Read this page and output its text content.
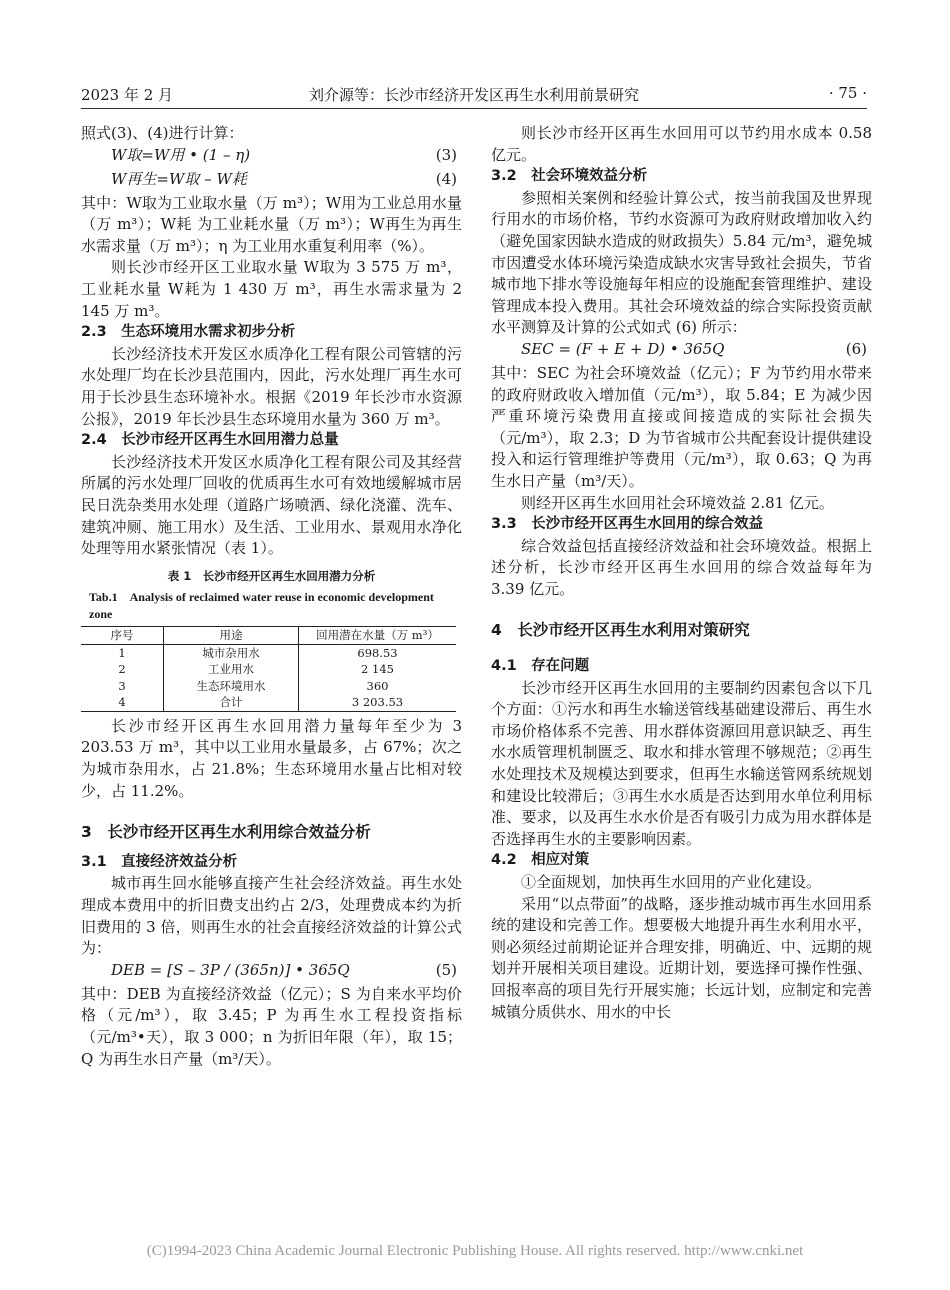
2023 年 2 月	刘介源等：长沙市经济开发区再生水利用前景研究	· 75 ·

照式(3)、(4)进行计算：

W取=W用 • (1 – η)	(3)
W再生=W取 – W耗	(4)

其中：W取为工业取水量（万 m³）；W用为工业总用水量（万 m³）；W耗 为工业耗水量（万 m³）；W再生为再生水需求量（万 m³）；η 为工业用水重复利用率（%）。

则长沙市经开区工业取水量 W取为 3 575 万 m³，工业耗水量 W耗为 1 430 万 m³，再生水需求量为 2 145 万 m³。

2.3　生态环境用水需求初步分析

长沙经济技术开发区水质净化工程有限公司管辖的污水处理厂均在长沙县范围内，因此，污水处理厂再生水可用于长沙县生态环境补水。根据《2019 年长沙市水资源公报》，2019 年长沙县生态环境用水量为 360 万 m³。

2.4　长沙市经开区再生水回用潜力总量

长沙经济技术开发区水质净化工程有限公司及其经营所属的污水处理厂回收的优质再生水可有效地缓解城市居民日洗杂类用水处理（道路广场喷洒、绿化浇灌、洗车、建筑冲厕、施工用水）及生活、工业用水、景观用水净化处理等用水紧张情况（表 1）。

表 1　长沙市经开区再生水回用潜力分析
Tab.1　Analysis of reclaimed water reuse in economic development zone
序号	用途	回用潜在水量（万 m³）
1	城市杂用水	698.53
2	工业用水	2 145
3	生态环境用水	360
4	合计	3 203.53

长沙市经开区再生水回用潜力量每年至少为 3 203.53 万 m³，其中以工业用水量最多，占 67%；次之为城市杂用水，占 21.8%；生态环境用水量占比相对较少，占 11.2%。

3　长沙市经开区再生水利用综合效益分析

3.1　直接经济效益分析

城市再生回水能够直接产生社会经济效益。再生水处理成本费用中的折旧费支出约占 2/3，处理费成本约为折旧费用的 3 倍，则再生水的社会直接经济效益的计算公式为：

DEB = [S – 3P / (365n)] • 365Q	(5)

其中：DEB 为直接经济效益（亿元）；S 为自来水平均价格（元/m³），取 3.45；P 为再生水工程投资指标（元/m³•天），取 3 000；n 为折旧年限（年），取 15；Q 为再生水日产量（m³/天）。

则长沙市经开区再生水回用可以节约用水成本 0.58 亿元。

3.2　社会环境效益分析

参照相关案例和经验计算公式，按当前我国及世界现行用水的市场价格，节约水资源可为政府财政增加收入约（避免国家因缺水造成的财政损失）5.84 元/m³，避免城市因遭受水体环境污染造成缺水灾害导致社会损失，节省城市地下排水等设施每年相应的设施配套管理维护、建设管理成本投入费用。其社会环境效益的综合实际投资贡献水平测算及计算的公式如式 (6) 所示：

SEC = (F + E + D) • 365Q	(6)

其中：SEC 为社会环境效益（亿元）；F 为节约用水带来的政府财政收入增加值（元/m³），取 5.84；E 为减少因严重环境污染费用直接或间接造成的实际社会损失（元/m³），取 2.3；D 为节省城市公共配套设计提供建设投入和运行管理维护等费用（元/m³），取 0.63；Q 为再生水日产量（m³/天）。

则经开区再生水回用社会环境效益 2.81 亿元。

3.3　长沙市经开区再生水回用的综合效益

综合效益包括直接经济效益和社会环境效益。根据上述分析，长沙市经开区再生水回用的综合效益每年为 3.39 亿元。

4　长沙市经开区再生水利用对策研究

4.1　存在问题

长沙市经开区再生水回用的主要制约因素包含以下几个方面：①污水和再生水输送管线基础建设滞后、再生水市场价格体系不完善、用水群体资源回用意识缺乏、再生水水质管理机制匮乏、取水和排水管理不够规范；②再生水处理技术及规模达到要求，但再生水输送管网系统规划和建设比较滞后；③再生水水质是否达到用水单位利用标准、要求，以及再生水水价是否有吸引力成为用水群体是否选择再生水的主要影响因素。

4.2　相应对策

①全面规划，加快再生水回用的产业化建设。

采用“以点带面”的战略，逐步推动城市再生水回用系统的建设和完善工作。想要极大地提升再生水利用水平，则必须经过前期论证并合理安排，明确近、中、远期的规划并开展相关项目建设。近期计划，要选择可操作性强、回报率高的项目先行开展实施；长远计划，应制定和完善城镇分质供水、用水的中长

(C)1994-2023 China Academic Journal Electronic Publishing House. All rights reserved. http://www.cnki.net
